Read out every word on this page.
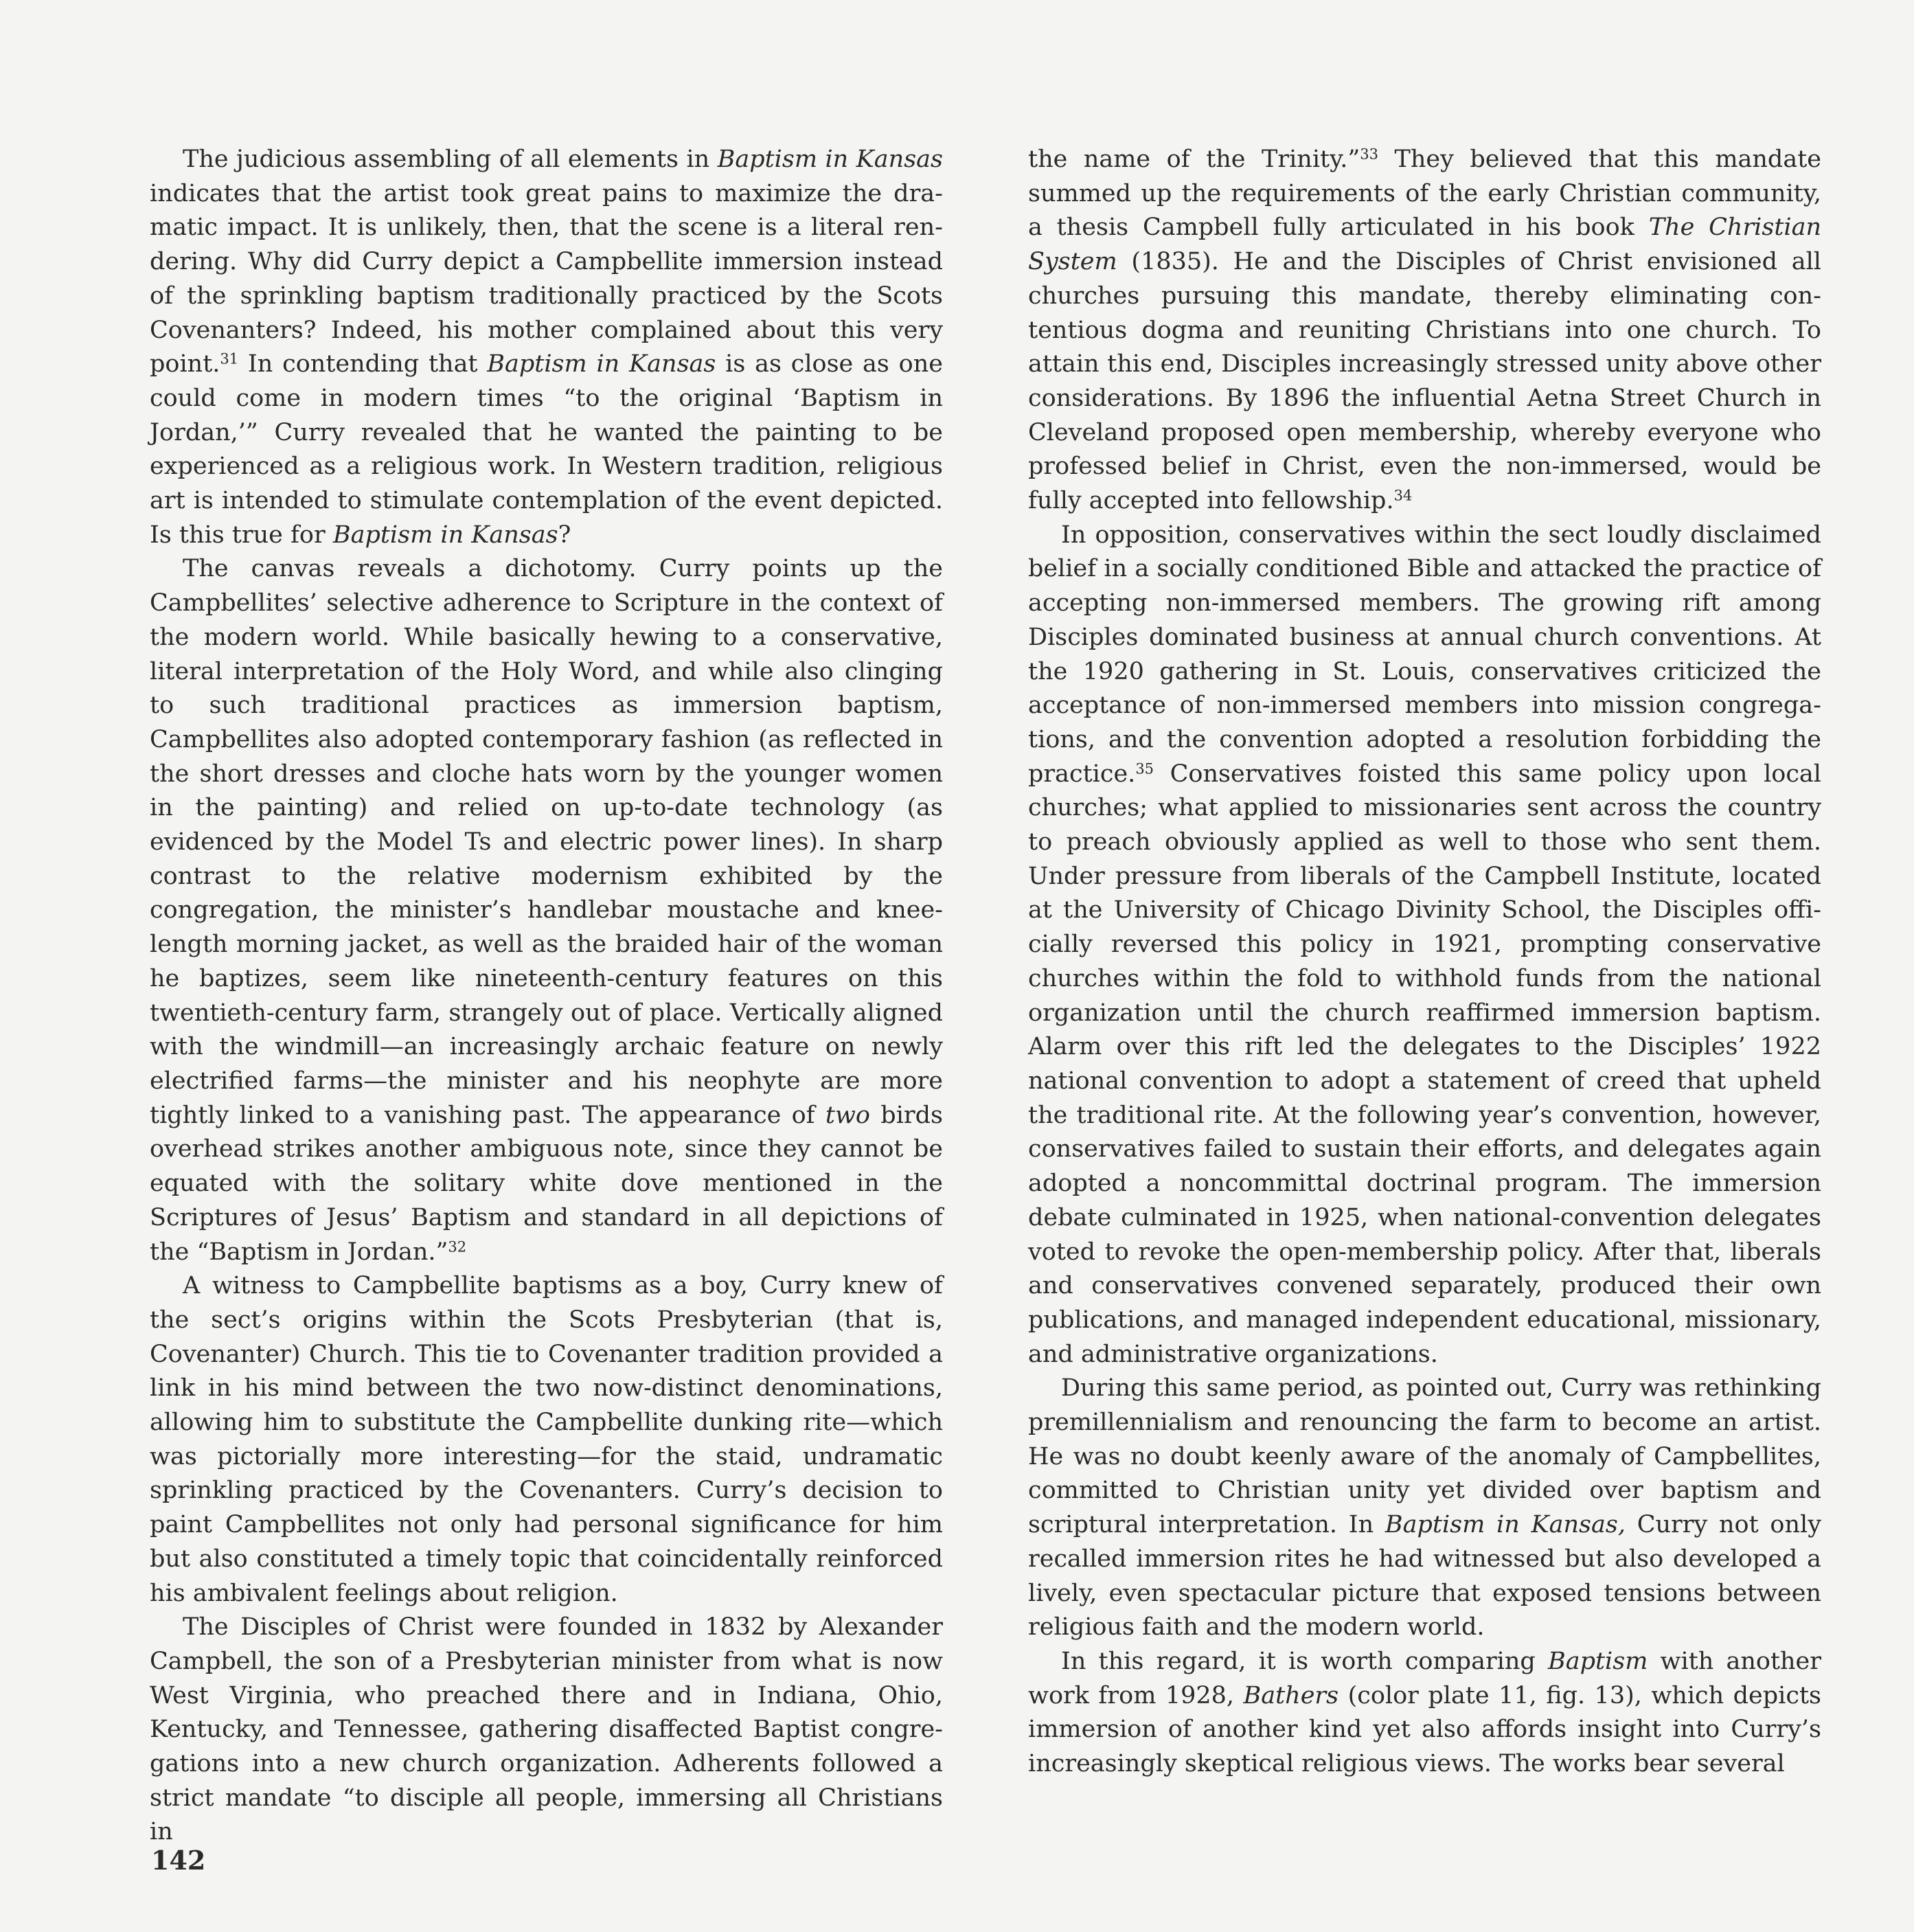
The judicious assembling of all elements in Baptism in Kansas indicates that the artist took great pains to maximize the dramatic impact. It is unlikely, then, that the scene is a literal rendering. Why did Curry depict a Campbellite immersion instead of the sprinkling baptism traditionally practiced by the Scots Covenanters? Indeed, his mother complained about this very point.$^{31}$ In contending that Baptism in Kansas is as close as one could come in modern times “to the original ‘Baptism in Jordan,’” Curry revealed that he wanted the painting to be experienced as a religious work. In Western tradition, religious art is intended to stimulate contemplation of the event depicted. Is this true for Baptism in Kansas?

The canvas reveals a dichotomy. Curry points up the Campbellites’ selective adherence to Scripture in the context of the modern world. While basically hewing to a conservative, literal interpretation of the Holy Word, and while also clinging to such traditional practices as immersion baptism, Campbellites also adopted contemporary fashion (as reflected in the short dresses and cloche hats worn by the younger women in the painting) and relied on up-to-date technology (as evidenced by the Model Ts and electric power lines). In sharp contrast to the relative modernism exhibited by the congregation, the minister’s handlebar moustache and knee-length morning jacket, as well as the braided hair of the woman he baptizes, seem like nineteenth-century features on this twentieth-century farm, strangely out of place. Vertically aligned with the windmill—an increasingly archaic feature on newly electrified farms—the minister and his neophyte are more tightly linked to a vanishing past. The appearance of two birds overhead strikes another ambiguous note, since they cannot be equated with the solitary white dove mentioned in the Scriptures of Jesus’ Baptism and standard in all depictions of the “Baptism in Jordan.”$^{32}$

A witness to Campbellite baptisms as a boy, Curry knew of the sect’s origins within the Scots Presbyterian (that is, Covenanter) Church. This tie to Covenanter tradition provided a link in his mind between the two now-distinct denominations, allowing him to substitute the Campbellite dunking rite—which was pictorially more interesting—for the staid, undramatic sprinkling practiced by the Covenanters. Curry’s decision to paint Campbellites not only had personal significance for him but also constituted a timely topic that coincidentally reinforced his ambivalent feelings about religion.

The Disciples of Christ were founded in 1832 by Alexander Campbell, the son of a Presbyterian minister from what is now West Virginia, who preached there and in Indiana, Ohio, Kentucky, and Tennessee, gathering disaffected Baptist congregations into a new church organization. Adherents followed a strict mandate “to disciple all people, immersing all Christians in

the name of the Trinity.”$^{33}$ They believed that this mandate summed up the requirements of the early Christian community, a thesis Campbell fully articulated in his book The Christian System (1835). He and the Disciples of Christ envisioned all churches pursuing this mandate, thereby eliminating contentious dogma and reuniting Christians into one church. To attain this end, Disciples increasingly stressed unity above other considerations. By 1896 the influential Aetna Street Church in Cleveland proposed open membership, whereby everyone who professed belief in Christ, even the non-immersed, would be fully accepted into fellowship.$^{34}$

In opposition, conservatives within the sect loudly disclaimed belief in a socially conditioned Bible and attacked the practice of accepting non-immersed members. The growing rift among Disciples dominated business at annual church conventions. At the 1920 gathering in St. Louis, conservatives criticized the acceptance of non-immersed members into mission congregations, and the convention adopted a resolution forbidding the practice.$^{35}$ Conservatives foisted this same policy upon local churches; what applied to missionaries sent across the country to preach obviously applied as well to those who sent them. Under pressure from liberals of the Campbell Institute, located at the University of Chicago Divinity School, the Disciples officially reversed this policy in 1921, prompting conservative churches within the fold to withhold funds from the national organization until the church reaffirmed immersion baptism. Alarm over this rift led the delegates to the Disciples’ 1922 national convention to adopt a statement of creed that upheld the traditional rite. At the following year’s convention, however, conservatives failed to sustain their efforts, and delegates again adopted a noncommittal doctrinal program. The immersion debate culminated in 1925, when national-convention delegates voted to revoke the open-membership policy. After that, liberals and conservatives convened separately, produced their own publications, and managed independent educational, missionary, and administrative organizations.

During this same period, as pointed out, Curry was rethinking premillennialism and renouncing the farm to become an artist. He was no doubt keenly aware of the anomaly of Campbellites, committed to Christian unity yet divided over baptism and scriptural interpretation. In Baptism in Kansas, Curry not only recalled immersion rites he had witnessed but also developed a lively, even spectacular picture that exposed tensions between religious faith and the modern world.

In this regard, it is worth comparing Baptism with another work from 1928, Bathers (color plate 11, fig. 13), which depicts immersion of another kind yet also affords insight into Curry’s increasingly skeptical religious views. The works bear several

142
